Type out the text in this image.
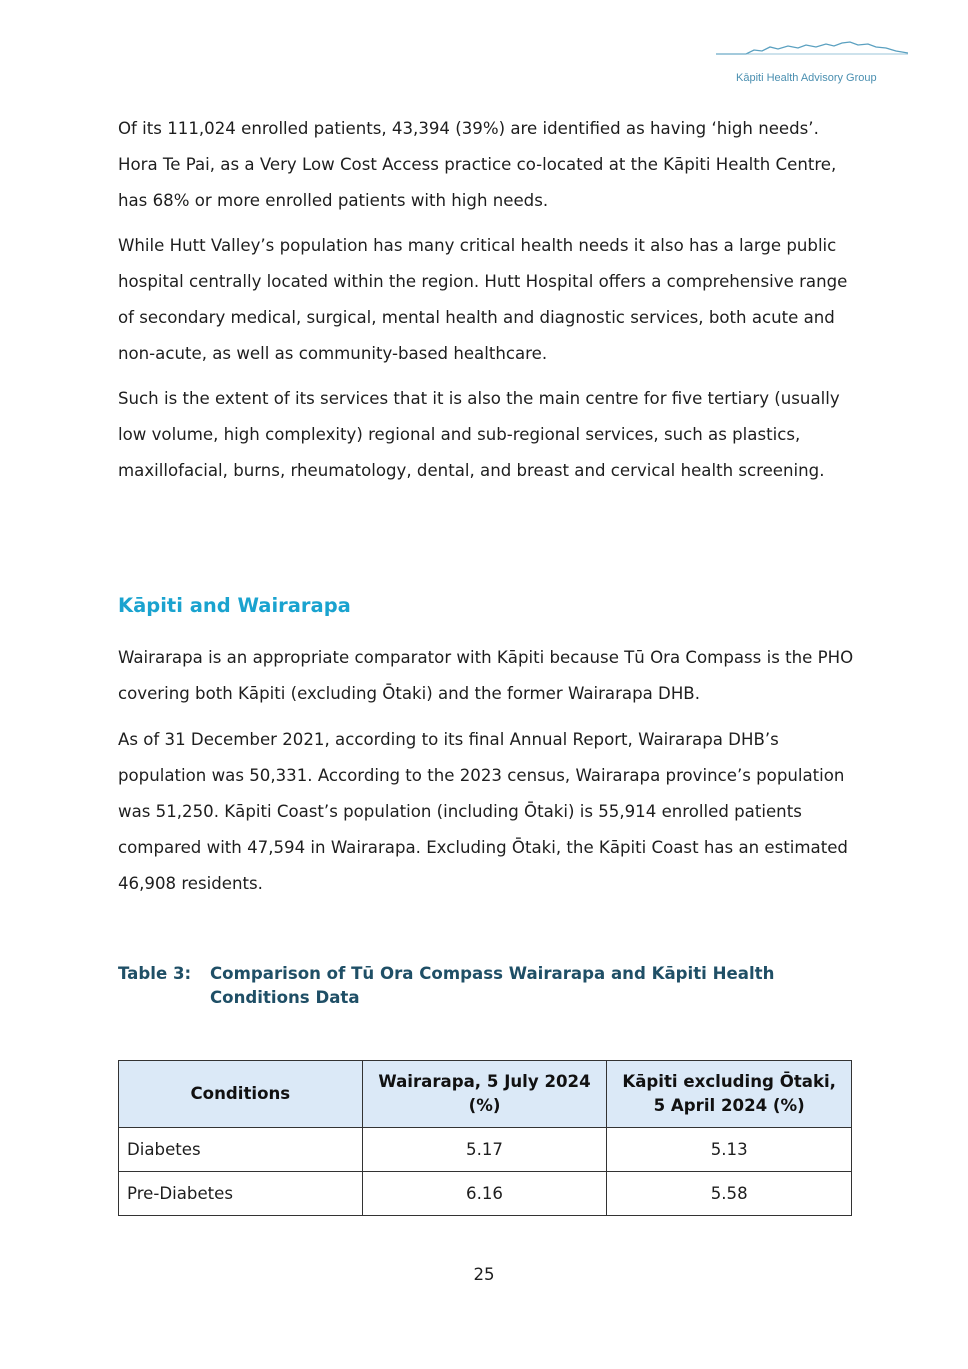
Kāpiti Health Advisory Group

Of its 111,024 enrolled patients, 43,394 (39%) are identified as having ‘high needs’. Hora Te Pai, as a Very Low Cost Access practice co-located at the Kāpiti Health Centre, has 68% or more enrolled patients with high needs.

While Hutt Valley’s population has many critical health needs it also has a large public hospital centrally located within the region. Hutt Hospital offers a comprehensive range of secondary medical, surgical, mental health and diagnostic services, both acute and non-acute, as well as community-based healthcare.

Such is the extent of its services that it is also the main centre for five tertiary (usually low volume, high complexity) regional and sub-regional services, such as plastics, maxillofacial, burns, rheumatology, dental, and breast and cervical health screening.

Kāpiti and Wairarapa

Wairarapa is an appropriate comparator with Kāpiti because Tū Ora Compass is the PHO covering both Kāpiti (excluding Ōtaki) and the former Wairarapa DHB.

As of 31 December 2021, according to its final Annual Report, Wairarapa DHB’s population was 50,331. According to the 2023 census, Wairarapa province’s population was 51,250. Kāpiti Coast’s population (including Ōtaki) is 55,914 enrolled patients compared with 47,594 in Wairarapa. Excluding Ōtaki, the Kāpiti Coast has an estimated 46,908 residents.

Table 3: Comparison of Tū Ora Compass Wairarapa and Kāpiti Health Conditions Data
Conditions	Wairarapa, 5 July 2024 (%)	Kāpiti excluding Ōtaki, 5 April 2024 (%)
Diabetes	5.17	5.13
Pre-Diabetes	6.16	5.58
25
